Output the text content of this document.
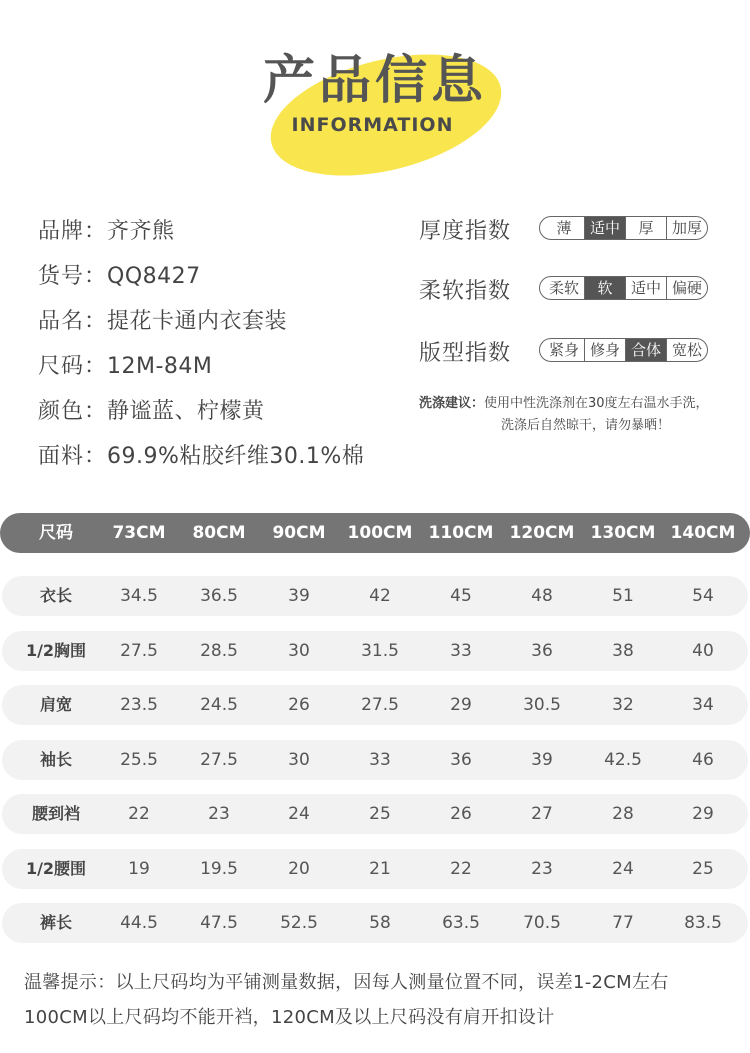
产品信息
INFORMATION
品牌：齐齐熊
货号：QQ8427
品名：提花卡通内衣套装
尺码：12M-84M
颜色：静谧蓝、柠檬黄
面料：69.9%粘胶纤维30.1%棉
厚度指数	薄	适中	厚	加厚
柔软指数	柔软	软	适中 偏硬
版型指数	紧身 修身 合体 宽松
洗涤建议：使用中性洗涤剂在30度左右温水手洗，
洗涤后自然晾干，请勿暴晒！
尺码	73CM	80CM	90CM	100CM 110CM 120CM 130CM 140CM
衣长	34.5	36.5	39	42	45	48	51	54
1/2胸围	27.5	28.5	30	31.5	33	36	38	40
肩宽	23.5	24.5	26	27.5	29	30.5	32	34
袖长	25.5	27.5	30	33	36	39	42.5	46
腰到裆	22	23	24	25	26	27	28	29
1/2腰围	19	19.5	20	21	22	23	24	25
裤长	44.5	47.5	52.5	58	63.5	70.5	77	83.5
温馨提示：以上尺码均为平铺测量数据，因每人测量位置不同，误差1-2CM左右
100CM以上尺码均不能开裆，120CM及以上尺码没有肩开扣设计
